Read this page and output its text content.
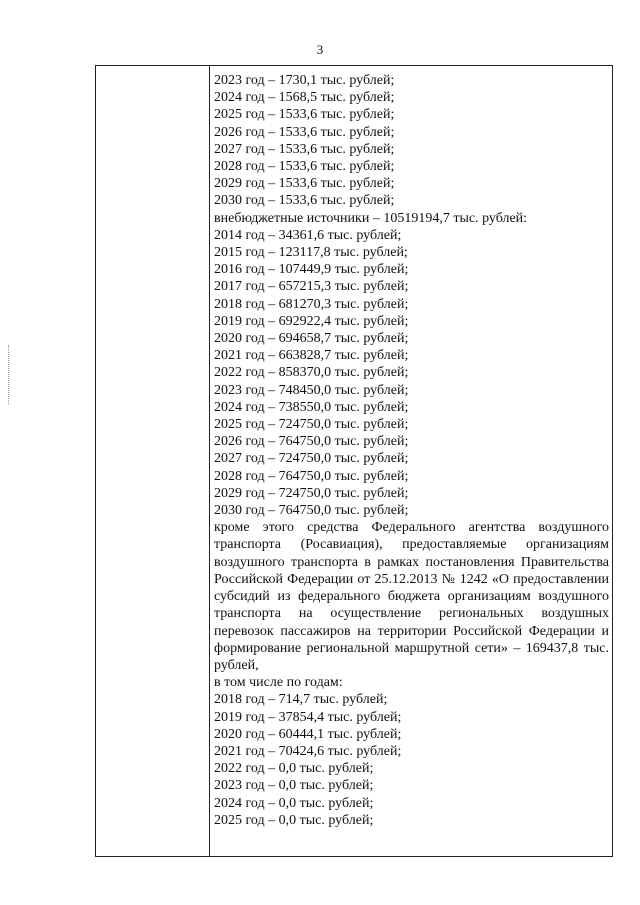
3
2023 год – 1730,1 тыс. рублей;
2024 год – 1568,5 тыс. рублей;
2025 год – 1533,6 тыс. рублей;
2026 год – 1533,6 тыс. рублей;
2027 год – 1533,6 тыс. рублей;
2028 год – 1533,6 тыс. рублей;
2029 год – 1533,6 тыс. рублей;
2030 год – 1533,6 тыс. рублей;
внебюджетные источники – 10519194,7 тыс. рублей:
2014 год – 34361,6 тыс. рублей;
2015 год – 123117,8 тыс. рублей;
2016 год – 107449,9 тыс. рублей;
2017 год – 657215,3 тыс. рублей;
2018 год – 681270,3 тыс. рублей;
2019 год – 692922,4 тыс. рублей;
2020 год – 694658,7 тыс. рублей;
2021 год – 663828,7 тыс. рублей;
2022 год – 858370,0 тыс. рублей;
2023 год – 748450,0 тыс. рублей;
2024 год – 738550,0 тыс. рублей;
2025 год – 724750,0 тыс. рублей;
2026 год – 764750,0 тыс. рублей;
2027 год – 724750,0 тыс. рублей;
2028 год – 764750,0 тыс. рублей;
2029 год – 724750,0 тыс. рублей;
2030 год – 764750,0 тыс. рублей;
кроме этого средства Федерального агентства воздушного транспорта (Росавиация), предоставляемые организациям воздушного транспорта в рамках постановления Правительства Российской Федерации от 25.12.2013 № 1242 «О предоставлении субсидий из федерального бюджета организациям воздушного транспорта на осуществление региональных воздушных перевозок пассажиров на территории Российской Федерации и формирование региональной маршрутной сети» – 169437,8 тыс. рублей,
в том числе по годам:
2018 год – 714,7 тыс. рублей;
2019 год – 37854,4 тыс. рублей;
2020 год – 60444,1 тыс. рублей;
2021 год – 70424,6 тыс. рублей;
2022 год – 0,0 тыс. рублей;
2023 год – 0,0 тыс. рублей;
2024 год – 0,0 тыс. рублей;
2025 год – 0,0 тыс. рублей;
